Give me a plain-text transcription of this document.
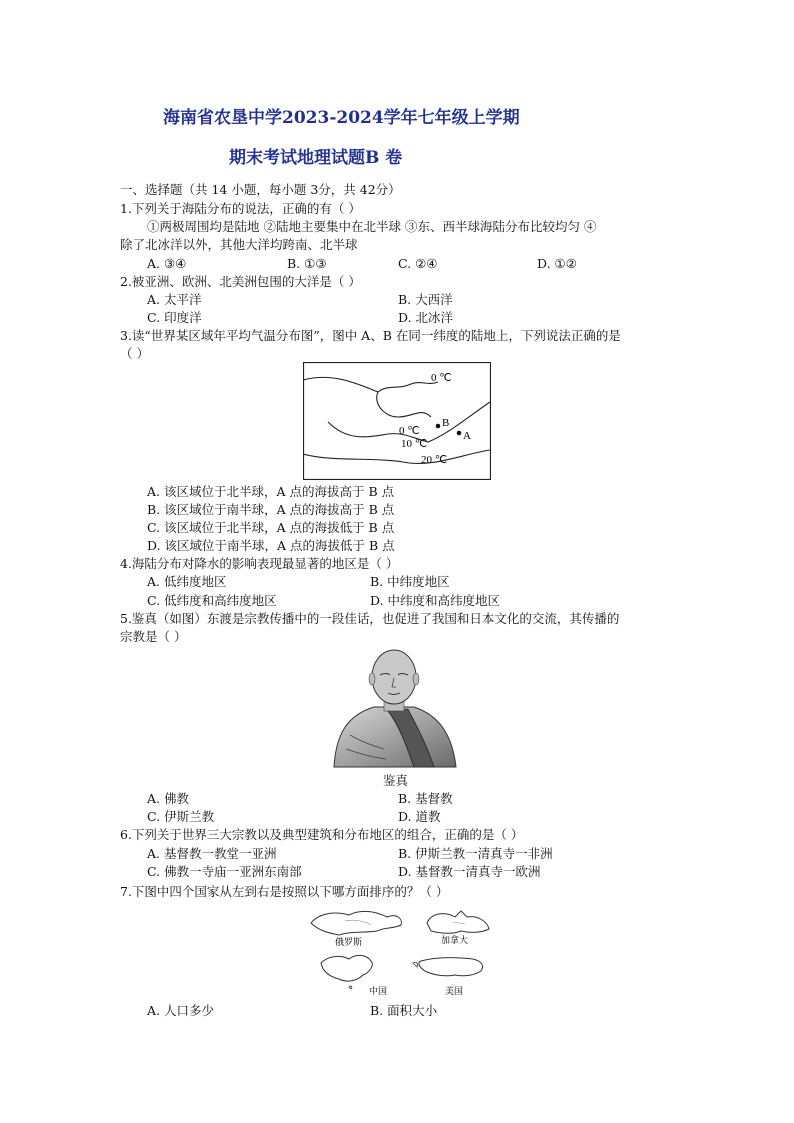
海南省农垦中学2023-2024学年七年级上学期
期末考试地理试题B 卷
一、选择题（共 14 小题，每小题 3分，共 42分）
1.下列关于海陆分布的说法，正确的有（ ）
①两极周围均是陆地 ②陆地主要集中在北半球 ③东、西半球海陆分布比较均匀 ④
除了北冰洋以外，其他大洋均跨南、北半球
A. ③④	B. ①③	C. ②④	D. ①②
2.被亚洲、欧洲、北美洲包围的大洋是（ ）
A. 太平洋	B. 大西洋
C. 印度洋	D. 北冰洋
3.读“世界某区域年平均气温分布图”，图中 A、B 在同一纬度的陆地上，下列说法正确的是
（ ）
0 ℃
0 ℃
10 ℃
20 ℃
B
A
A. 该区域位于北半球，A 点的海拔高于 B 点
B. 该区域位于南半球，A 点的海拔高于 B 点
C. 该区域位于北半球，A 点的海拔低于 B 点
D. 该区域位于南半球，A 点的海拔低于 B 点
4.海陆分布对降水的影响表现最显著的地区是（ ）
A. 低纬度地区	B. 中纬度地区
C. 低纬度和高纬度地区	D. 中纬度和高纬度地区
5.鉴真（如图）东渡是宗教传播中的一段佳话，也促进了我国和日本文化的交流，其传播的
宗教是（ ）
鉴真
A. 佛教	B. 基督教
C. 伊斯兰教	D. 道教
6.下列关于世界三大宗教以及典型建筑和分布地区的组合，正确的是（ ）
A. 基督教一教堂一亚洲	B. 伊斯兰教一清真寺一非洲
C. 佛教一寺庙一亚洲东南部	D. 基督教一清真寺一欧洲
7.下图中四个国家从左到右是按照以下哪方面排序的？（ ）
俄罗斯	加拿大
中国	美国
A. 人口多少	B. 面积大小
